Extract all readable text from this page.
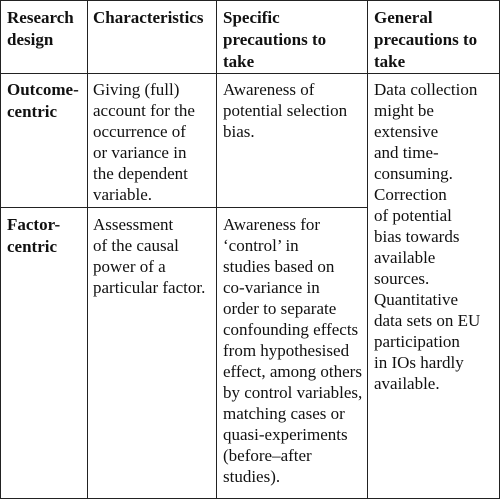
Research
design
Characteristics	Specific
precautions to
take
General
precautions to
take
Outcome-
centric
Giving (full)
account for the
occurrence of
or variance in
the dependent
variable.
Awareness of
potential selection
bias.
Data collection
might be
extensive
and time-
consuming.
Correction
of potential
bias towards
available
sources.
Quantitative
data sets on EU
participation
in IOs hardly
available.
Factor-
centric
Assessment
of the causal
power of a
particular factor.
Awareness for
‘control’ in
studies based on
co-variance in
order to separate
confounding effects
from hypothesised
effect, among others
by control variables,
matching cases or
quasi-experiments
(before–after
studies).
